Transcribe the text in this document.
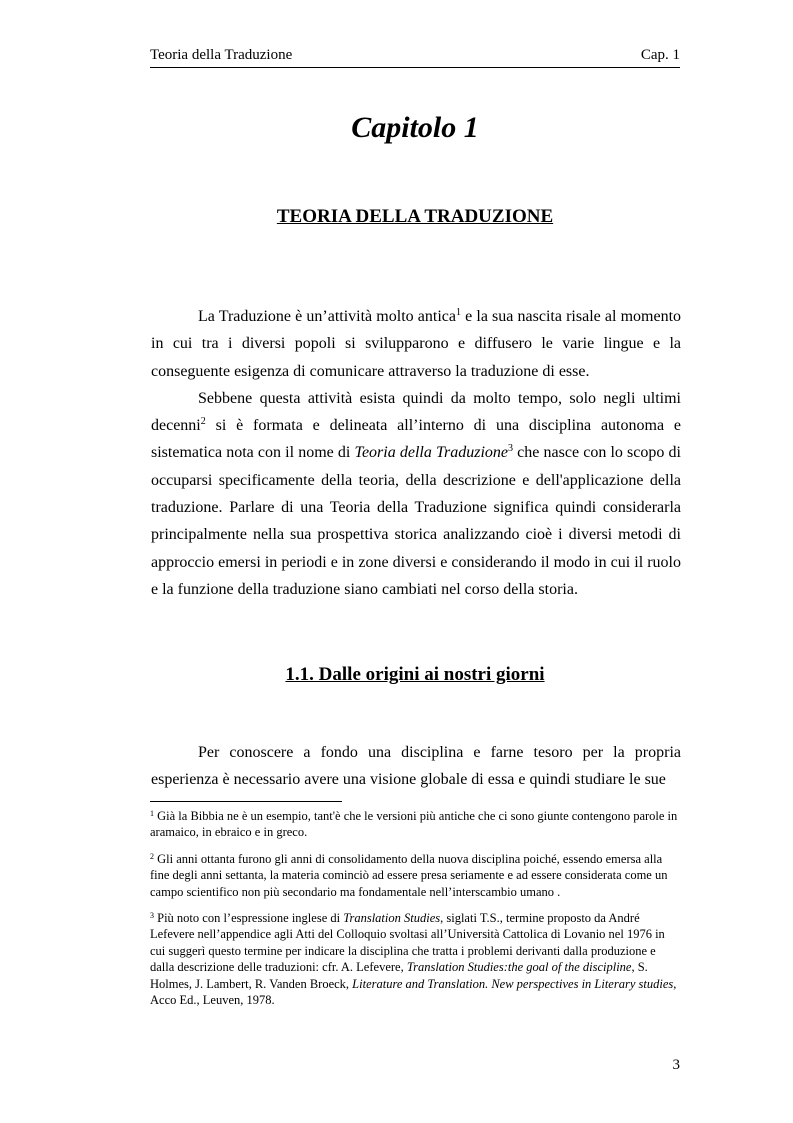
Teoria della Traduzione	Cap. 1
Capitolo 1
TEORIA DELLA TRADUZIONE

La Traduzione è un’attività molto antica$^1$ e la sua nascita risale al momento in cui tra i diversi popoli si svilupparono e diffusero le varie lingue e la conseguente esigenza di comunicare attraverso la traduzione di esse.

Sebbene questa attività esista quindi da molto tempo, solo negli ultimi decenni$^2$ si è formata e delineata all’interno di una disciplina autonoma e sistematica nota con il nome di Teoria della Traduzione$^3$ che nasce con lo scopo di occuparsi specificamente della teoria, della descrizione e dell'applicazione della traduzione. Parlare di una Teoria della Traduzione significa quindi considerarla principalmente nella sua prospettiva storica analizzando cioè i diversi metodi di approccio emersi in periodi e in zone diversi e considerando il modo in cui il ruolo e la funzione della traduzione siano cambiati nel corso della storia.

1.1. Dalle origini ai nostri giorni

Per conoscere a fondo una disciplina e farne tesoro per la propria esperienza è necessario avere una visione globale di essa e quindi studiare le sue

$^1$ Già la Bibbia ne è un esempio, tant'è che le versioni più antiche che ci sono giunte contengono parole in aramaico, in ebraico e in greco.

$^2$ Gli anni ottanta furono gli anni di consolidamento della nuova disciplina poiché, essendo emersa alla fine degli anni settanta, la materia cominciò ad essere presa seriamente e ad essere considerata come un campo scientifico non più secondario ma fondamentale nell’interscambio umano .

$^3$ Più noto con l’espressione inglese di Translation Studies, siglati T.S., termine proposto da André Lefevere nell’appendice agli Atti del Colloquio svoltasi all’Università Cattolica di Lovanio nel 1976 in cui suggerì questo termine per indicare la disciplina che tratta i problemi derivanti dalla produzione e dalla descrizione delle traduzioni: cfr. A. Lefevere, Translation Studies:the goal of the discipline, S. Holmes, J. Lambert, R. Vanden Broeck, Literature and Translation. New perspectives in Literary studies, Acco Ed., Leuven, 1978.

3
